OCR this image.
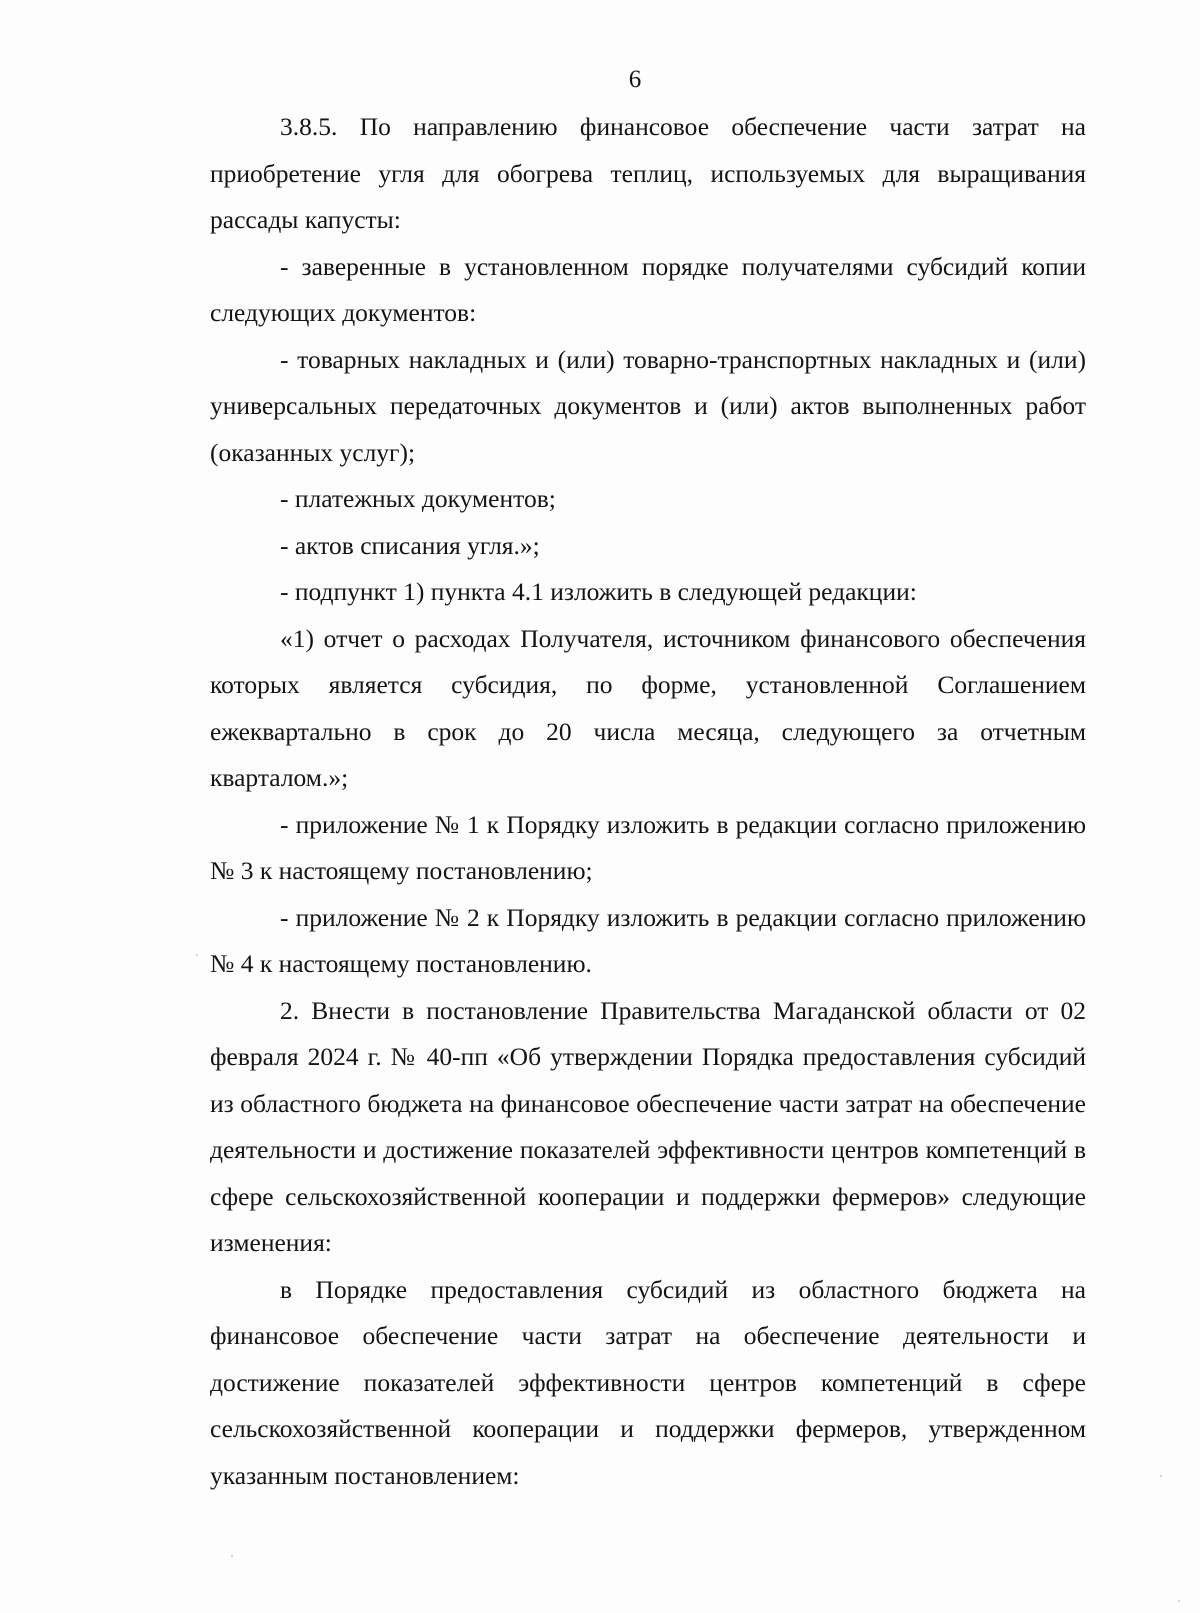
6

3.8.5. По направлению финансовое обеспечение части затрат на приобретение угля для обогрева теплиц, используемых для выращивания рассады капусты:

- заверенные в установленном порядке получателями субсидий копии следующих документов:

- товарных накладных и (или) товарно-транспортных накладных и (или) универсальных передаточных документов и (или) актов выполненных работ (оказанных услуг);

- платежных документов;

- актов списания угля.»;

- подпункт 1) пункта 4.1 изложить в следующей редакции:

«1) отчет о расходах Получателя, источником финансового обеспечения которых является субсидия, по форме, установленной Соглашением ежеквартально в срок до 20 числа месяца, следующего за отчетным кварталом.»;

- приложение № 1 к Порядку изложить в редакции согласно приложению № 3 к настоящему постановлению;

- приложение № 2 к Порядку изложить в редакции согласно приложению № 4 к настоящему постановлению.

2. Внести в постановление Правительства Магаданской области от 02 февраля 2024 г. № 40-пп «Об утверждении Порядка предоставления субсидий из областного бюджета на финансовое обеспечение части затрат на обеспечение деятельности и достижение показателей эффективности центров компетенций в сфере сельскохозяйственной кооперации и поддержки фермеров» следующие изменения:

в Порядке предоставления субсидий из областного бюджета на финансовое обеспечение части затрат на обеспечение деятельности и достижение показателей эффективности центров компетенций в сфере сельскохозяйственной кооперации и поддержки фермеров, утвержденном указанным постановлением:
